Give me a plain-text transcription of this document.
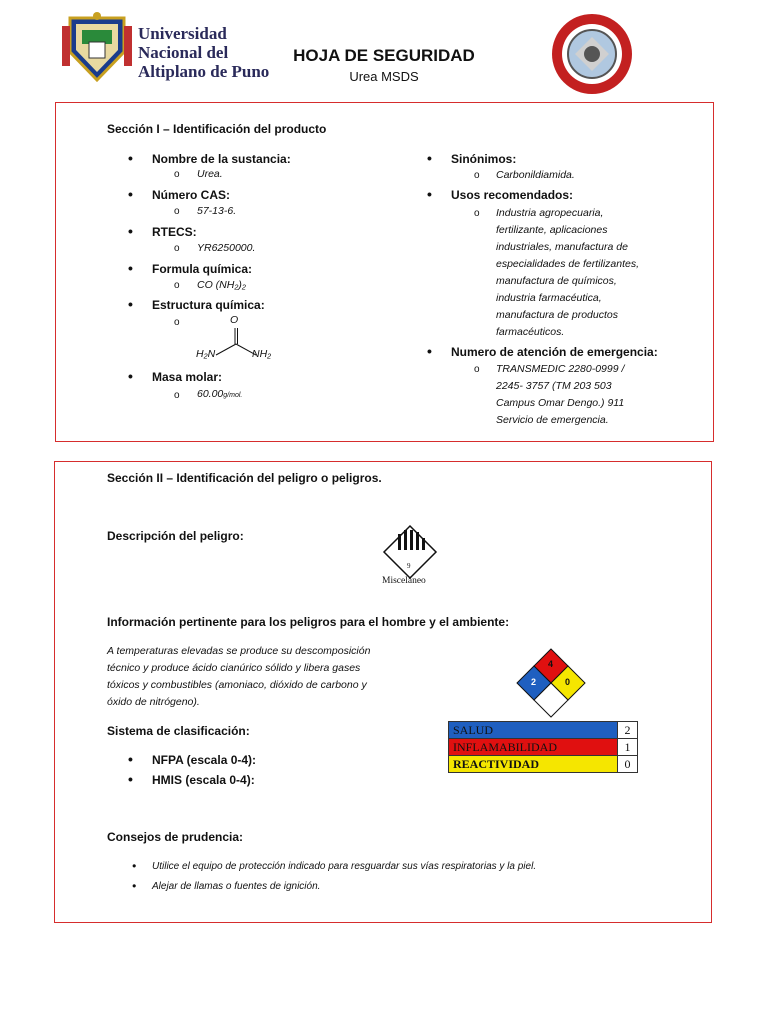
Universidad
Nacional del
Altiplano de Puno
HOJA DE SEGURIDAD
Urea MSDS
Sección I – Identificación del producto
• Nombre de la sustancia:
o Urea.
• Número CAS:
o 57-13-6.
• RTECS:
o YR6250000.
• Formula química:
o CO (NH₂)₂
• Estructura química:
o	O
H₂N	NH₂
• Masa molar:
o 60.00g/mol.
• Sinónimos:
o Carbonildiamida.
• Usos recomendados:
o Industria agropecuaria,
fertilizante, aplicaciones
industriales, manufactura de
especialidades de fertilizantes,
manufactura de químicos,
industria farmacéutica,
manufactura de productos
farmacéuticos.
• Numero de atención de emergencia:
o TRANSMEDIC 2280-0999 /
2245- 3757 (TM 203 503
Campus Omar Dengo.) 911
Servicio de emergencia.
Sección II – Identificación del peligro o peligros.
Descripción del peligro:
9
Misceláneo
Información pertinente para los peligros para el hombre y el ambiente:
A temperaturas elevadas se produce su descomposición
técnico y produce ácido cianúrico sólido y libera gases
tóxicos y combustibles (amoniaco, dióxido de carbono y
óxido de nitrógeno).
4
2	0
SALUD	2
INFLAMABILIDAD	1
REACTIVIDAD	0
Sistema de clasificación:
• NFPA (escala 0-4):
• HMIS (escala 0-4):
Consejos de prudencia:
• Utilice el equipo de protección indicado para resguardar sus vías respiratorias y la piel.
• Alejar de llamas o fuentes de ignición.
